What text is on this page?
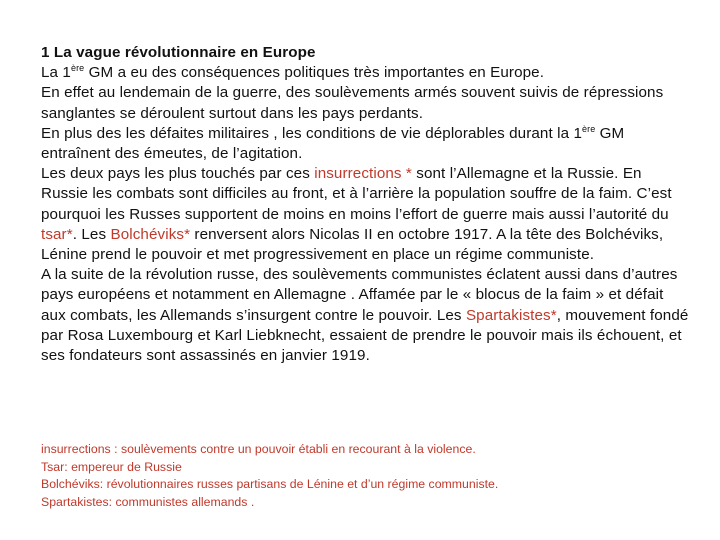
1 La vague révolutionnaire en Europe

La 1ère GM a eu des conséquences politiques très importantes en Europe.

En effet au lendemain de la guerre, des soulèvements armés souvent suivis de répressions sanglantes se déroulent surtout dans les pays perdants.

En plus des les défaites militaires , les conditions de vie déplorables durant la 1ère GM entraînent des émeutes, de l’agitation.

Les deux pays les plus touchés par ces insurrections * sont l’Allemagne et la Russie. En Russie les combats sont difficiles au front, et à l’arrière la population souffre de la faim. C’est pourquoi les Russes supportent de moins en moins l’effort de guerre mais aussi l’autorité du tsar*. Les Bolchéviks* renversent alors Nicolas II en octobre 1917. A la tête des Bolchéviks, Lénine prend le pouvoir et met progressivement en place un régime communiste.

A la suite de la révolution russe, des soulèvements communistes éclatent aussi dans d’autres pays européens et notamment en Allemagne . Affamée par le « blocus de la faim » et défait aux combats, les Allemands s’insurgent contre le pouvoir. Les Spartakistes*, mouvement fondé par Rosa Luxembourg et Karl Liebknecht, essaient de prendre le pouvoir mais ils échouent, et ses fondateurs sont assassinés en janvier 1919.

insurrections : soulèvements contre un pouvoir établi en recourant à la violence.

Tsar: empereur de Russie

Bolchéviks: révolutionnaires russes partisans de Lénine et d’un régime communiste.

Spartakistes: communistes allemands .
